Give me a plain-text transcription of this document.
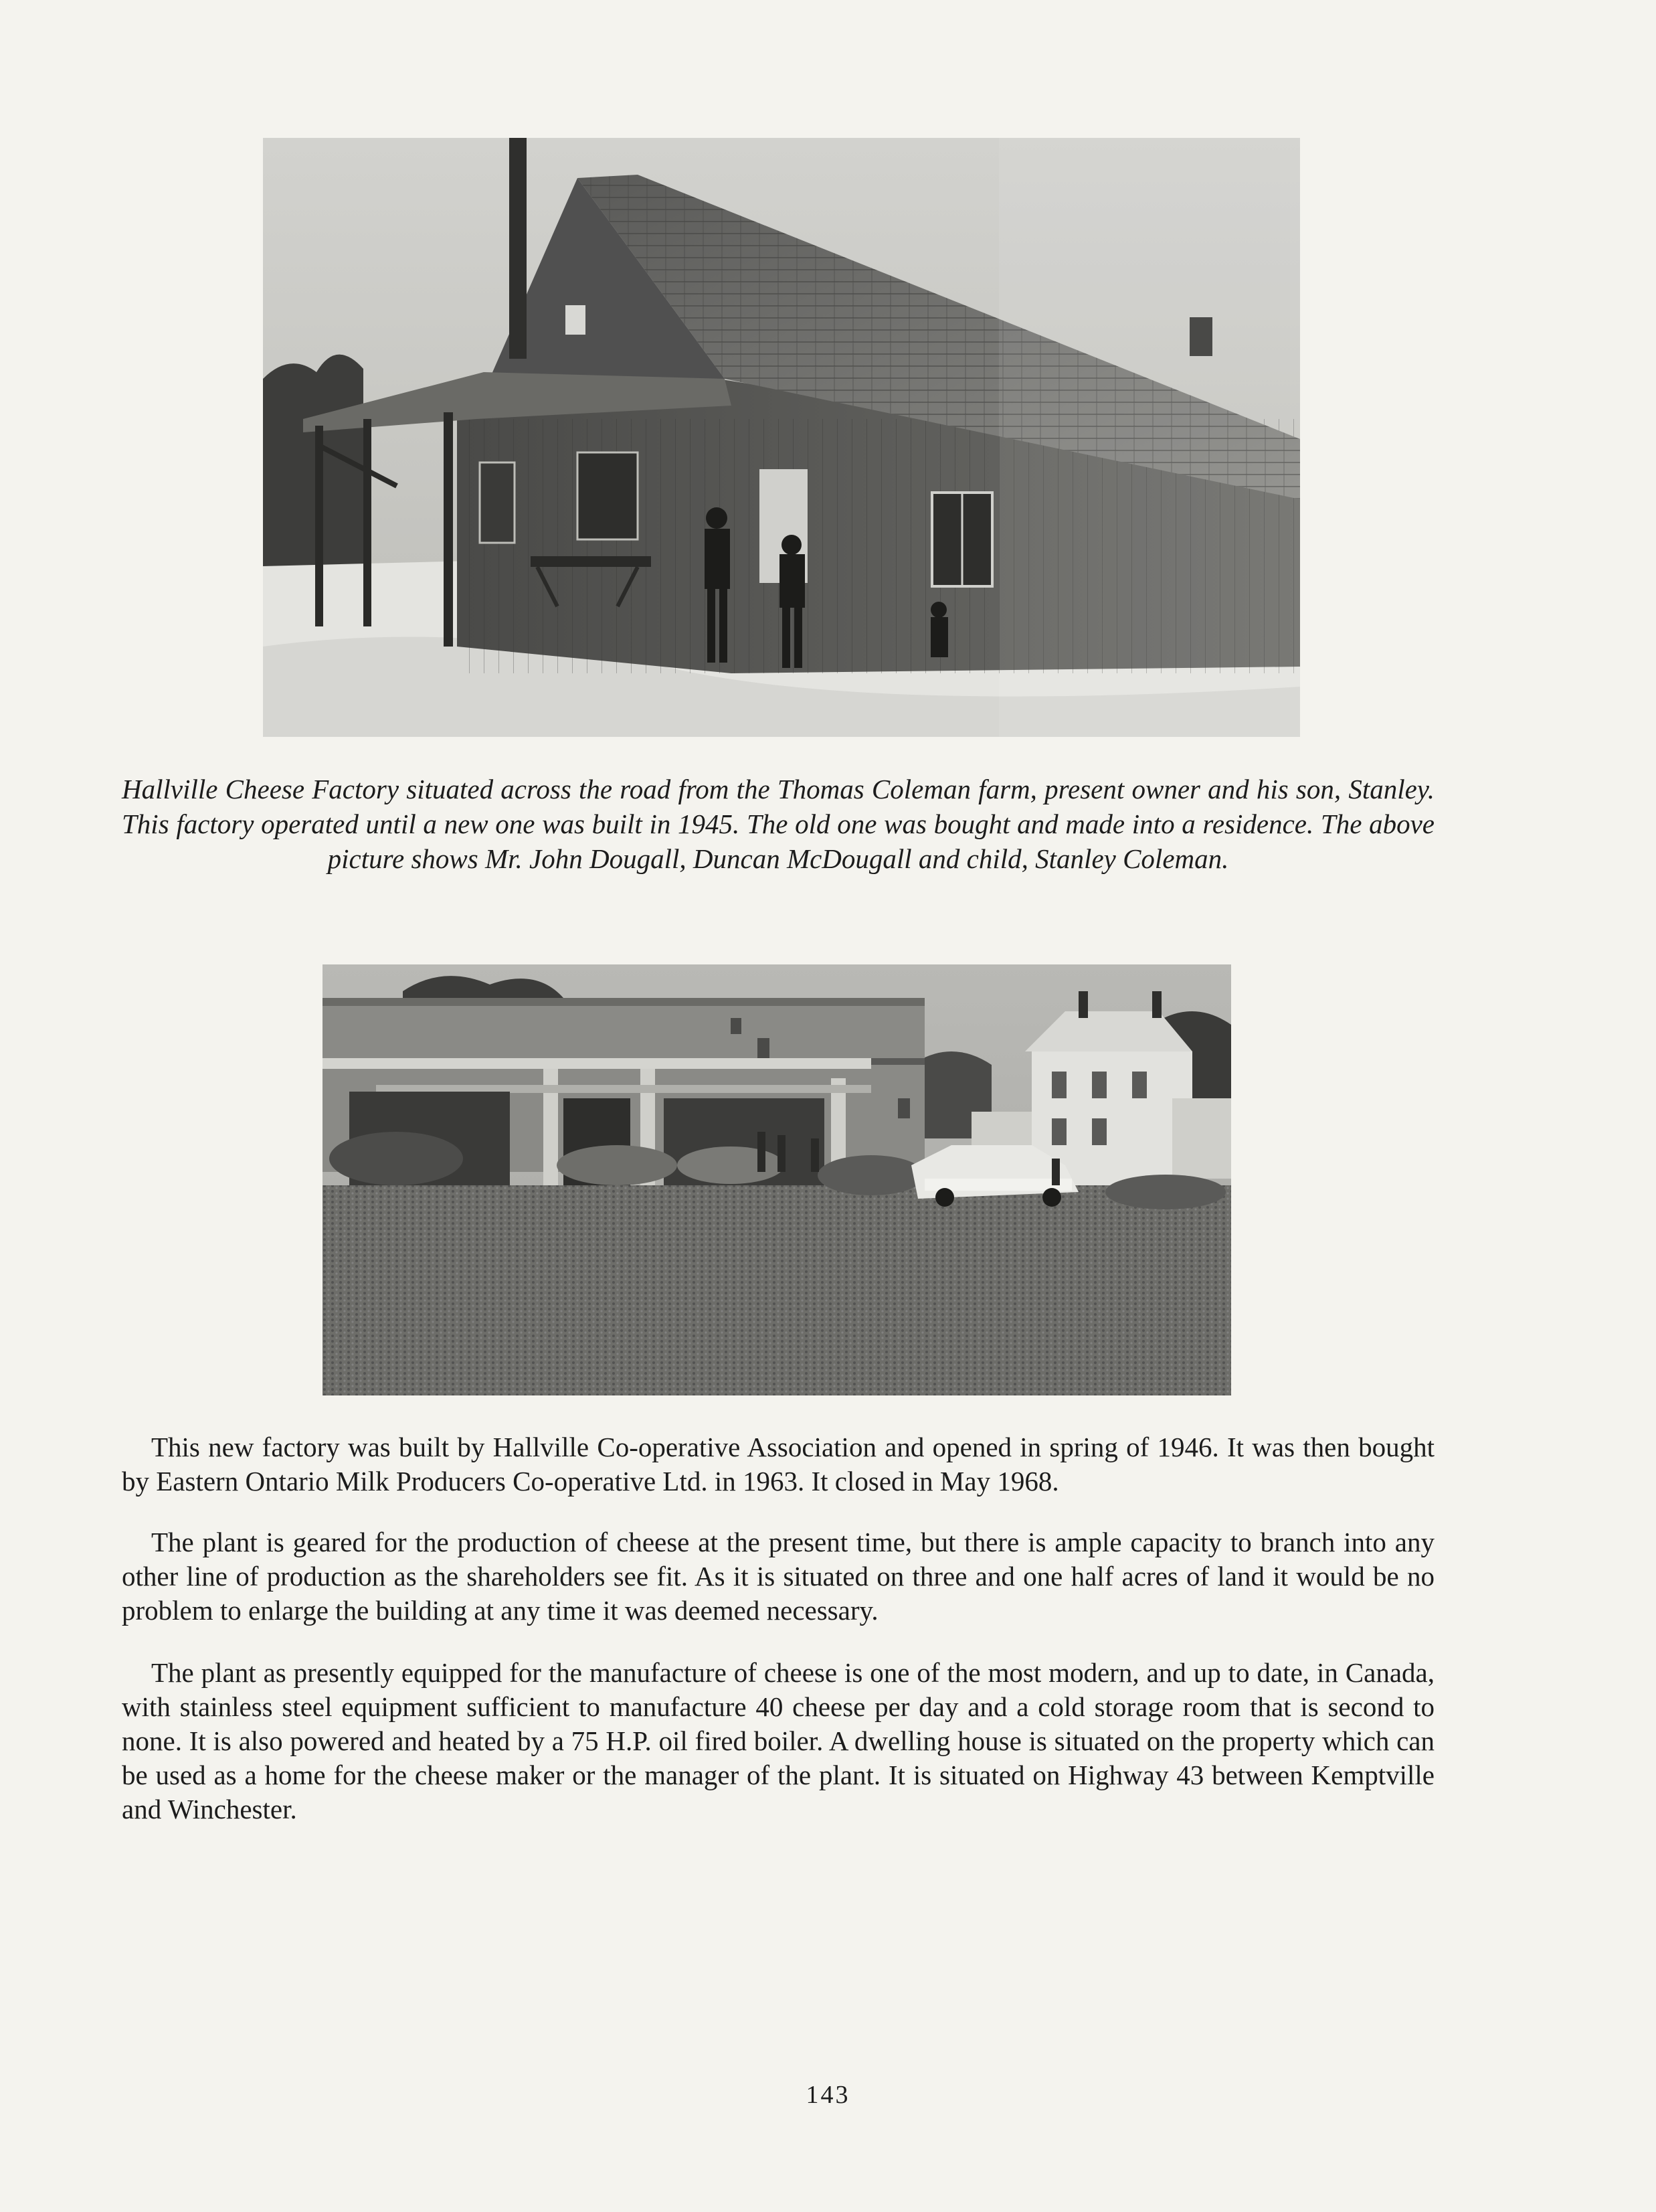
Hallville Cheese Factory situated across the road from the Thomas Coleman farm, present owner and his son, Stanley. This factory operated until a new one was built in 1945. The old one was bought and made into a residence. The above picture shows Mr. John Dougall, Duncan McDougall and child, Stanley Coleman.

This new factory was built by Hallville Co-operative Association and opened in spring of 1946. It was then bought by Eastern Ontario Milk Producers Co-operative Ltd. in 1963. It closed in May 1968.

The plant is geared for the production of cheese at the present time, but there is ample capacity to branch into any other line of production as the shareholders see fit. As it is situated on three and one half acres of land it would be no problem to enlarge the building at any time it was deemed necessary.

The plant as presently equipped for the manufacture of cheese is one of the most modern, and up to date, in Canada, with stainless steel equipment sufficient to manufacture 40 cheese per day and a cold storage room that is second to none. It is also powered and heated by a 75 H.P. oil fired boiler. A dwelling house is situated on the property which can be used as a home for the cheese maker or the manager of the plant. It is situated on Highway 43 between Kemptville and Winchester.

143
